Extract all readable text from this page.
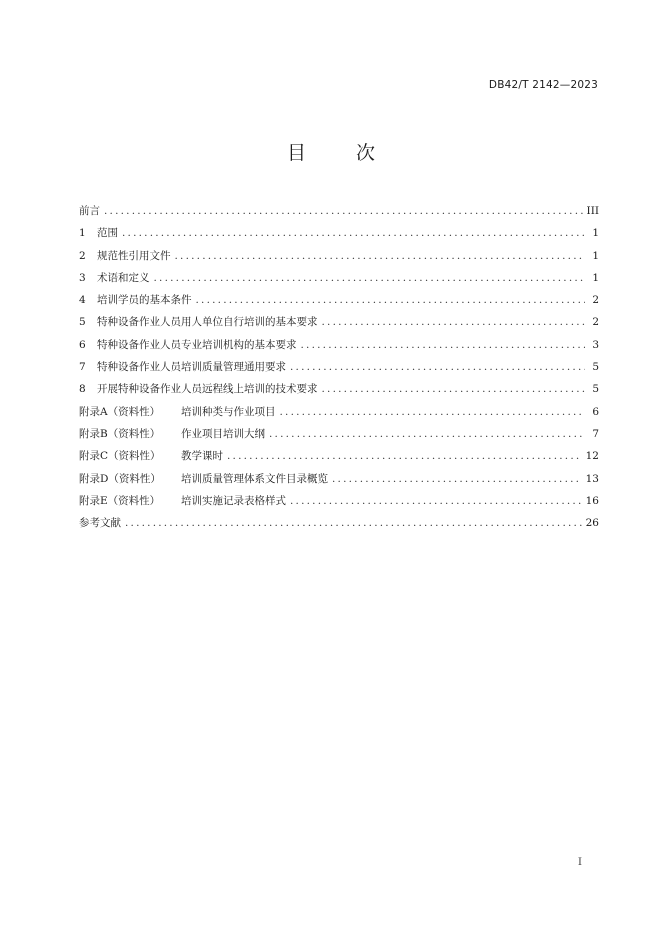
DB42/T 2142—2023
目 次
前言 .....	III
1 范围 .....	1
2 规范性引用文件 .....	1
3 术语和定义 .....	1
4 培训学员的基本条件 .....	2
5 特种设备作业人员用人单位自行培训的基本要求 .....	2
6 特种设备作业人员专业培训机构的基本要求 .....	3
7 特种设备作业人员培训质量管理通用要求 .....	5
8 开展特种设备作业人员远程线上培训的技术要求 .....	5
附录A（资料性） 培训种类与作业项目 .....	6
附录B（资料性） 作业项目培训大纲 .....	7
附录C（资料性） 教学课时 .....	12
附录D（资料性） 培训质量管理体系文件目录概览 .....	13
附录E（资料性） 培训实施记录表格样式 .....	16
参考文献 .....	26
I
